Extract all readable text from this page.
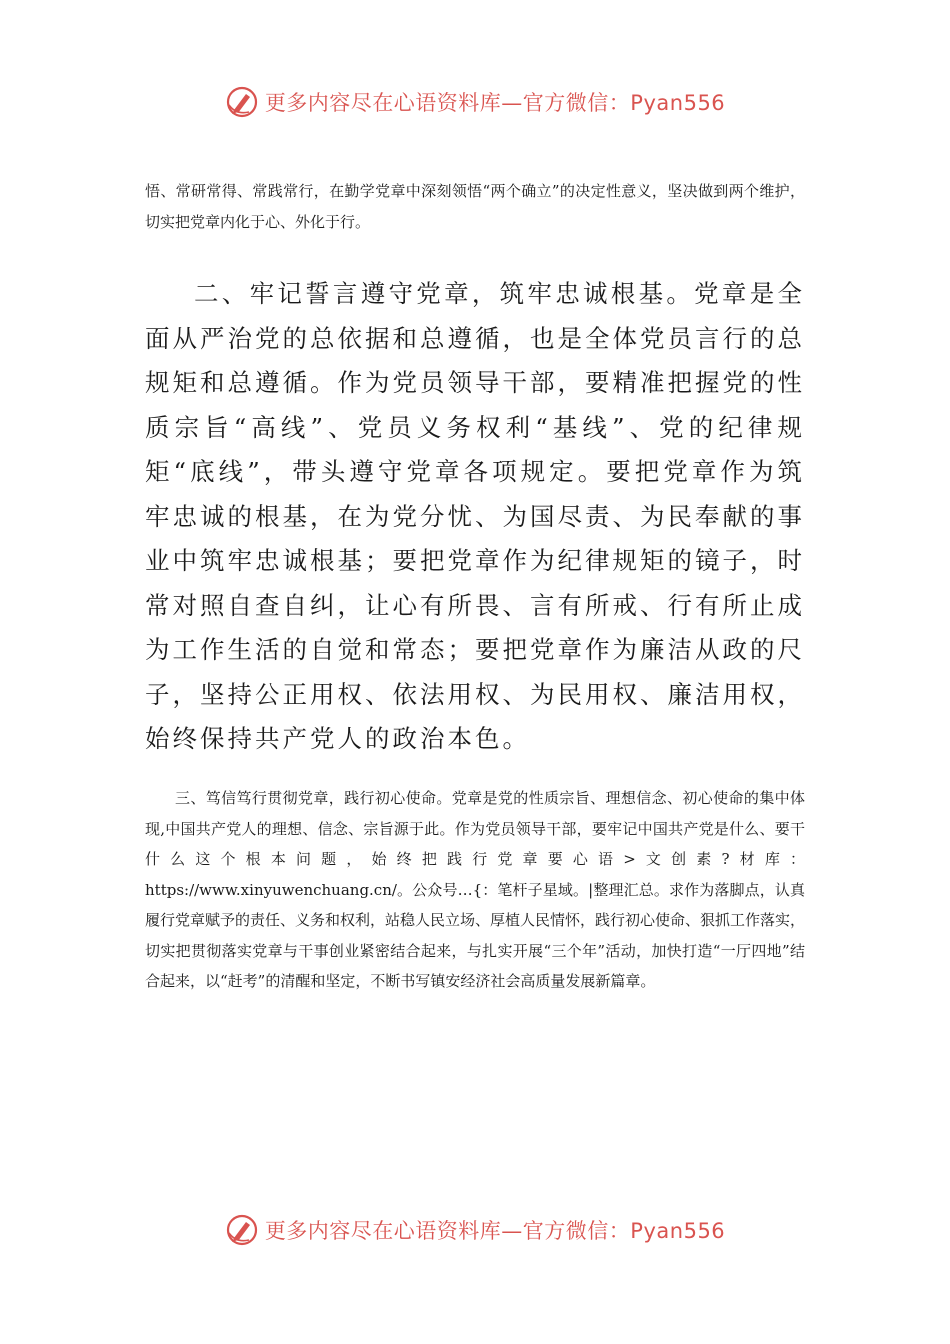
更多内容尽在心语资料库—官方微信：Pyan556

悟、常研常得、常践常行，在勤学党章中深刻领悟“两个确立”的决定性意义，坚决做到两个维护，切实把党章内化于心、外化于行。

二、牢记誓言遵守党章，筑牢忠诚根基。党章是全面从严治党的总依据和总遵循，也是全体党员言行的总规矩和总遵循。作为党员领导干部，要精准把握党的性质宗旨“高线”、党员义务权利“基线”、党的纪律规矩“底线”，带头遵守党章各项规定。要把党章作为筑牢忠诚的根基，在为党分忧、为国尽责、为民奉献的事业中筑牢忠诚根基；要把党章作为纪律规矩的镜子，时常对照自查自纠，让心有所畏、言有所戒、行有所止成为工作生活的自觉和常态；要把党章作为廉洁从政的尺子，坚持公正用权、依法用权、为民用权、廉洁用权，始终保持共产党人的政治本色。

三、笃信笃行贯彻党章，践行初心使命。党章是党的性质宗旨、理想信念、初心使命的集中体现,中国共产党人的理想、信念、宗旨源于此。作为党员领导干部，要牢记中国共产党是什么、要干什么这个根本问题，始终把践行党章要心语>文创素?材库：https://www.xinyuwenchuang.cn/。公众号…{：笔杆子星域。|整理汇总。求作为落脚点，认真履行党章赋予的责任、义务和权利，站稳人民立场、厚植人民情怀，践行初心使命、狠抓工作落实，切实把贯彻落实党章与干事创业紧密结合起来，与扎实开展“三个年”活动，加快打造“一厅四地”结合起来，以“赶考”的清醒和坚定，不断书写镇安经济社会高质量发展新篇章。

更多内容尽在心语资料库—官方微信：Pyan556
